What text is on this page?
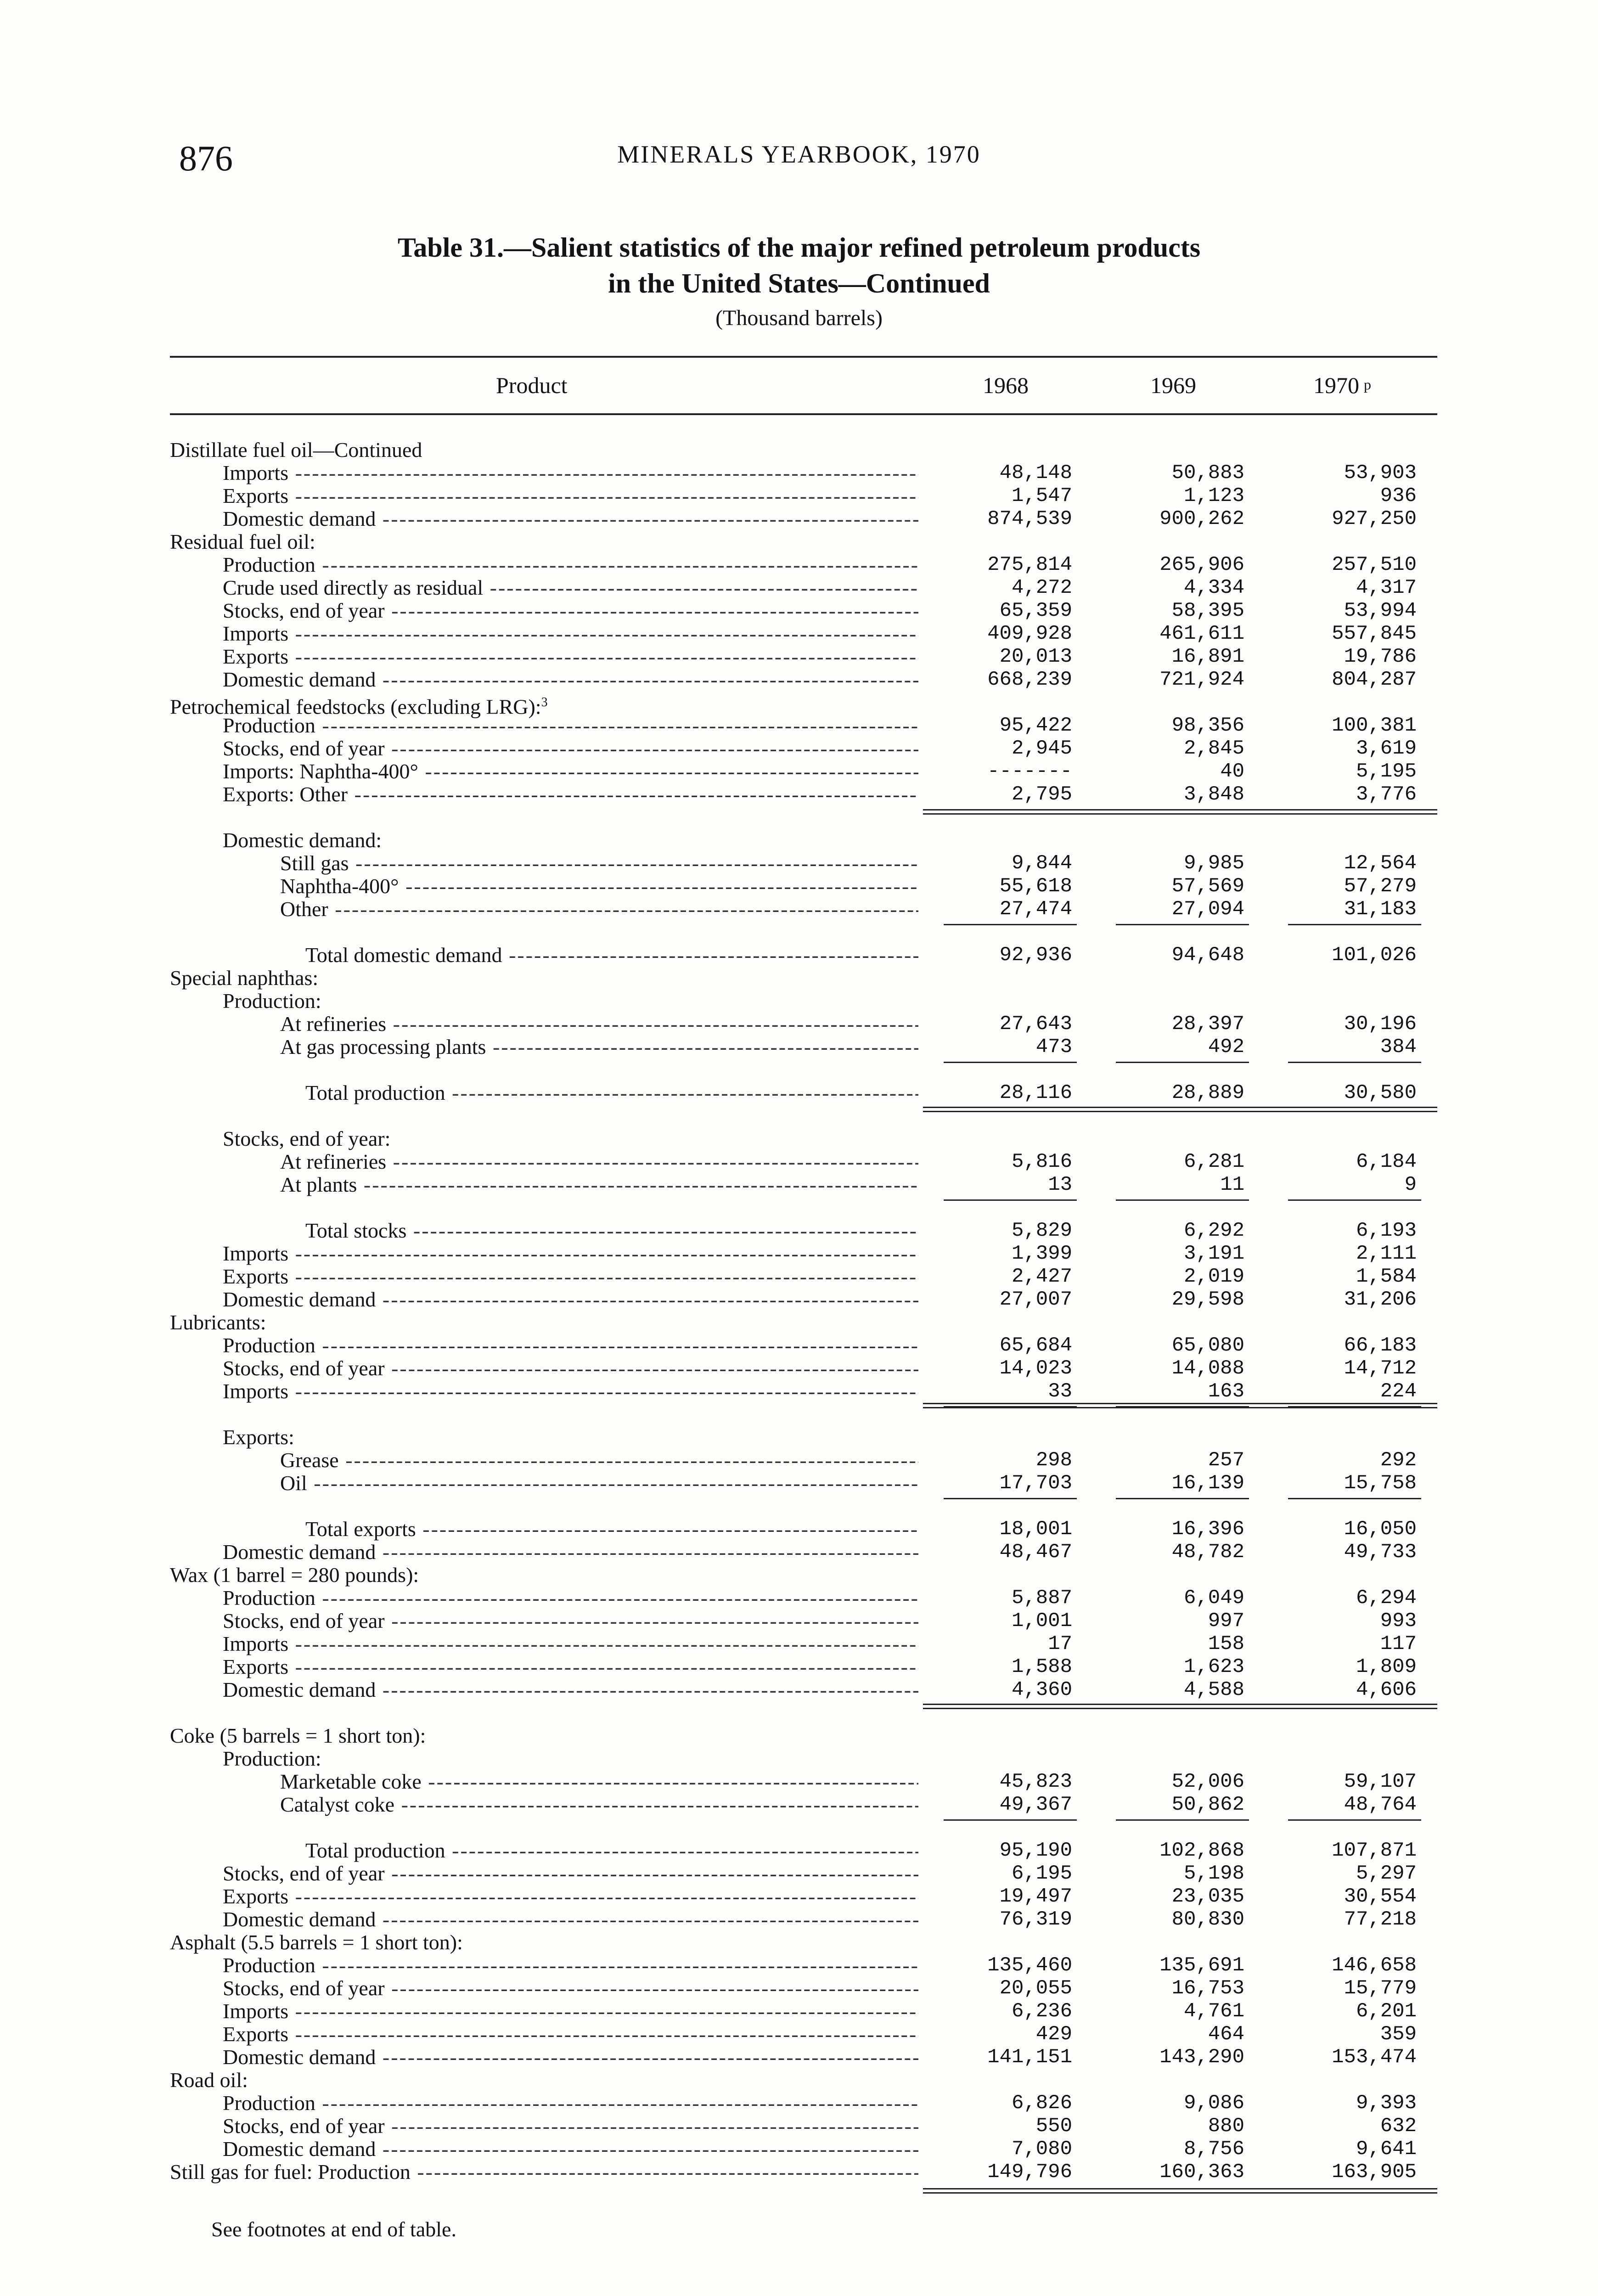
876	MINERALS YEARBOOK, 1970
Table 31.—Salient statistics of the major refined petroleum products
in the United States—Continued
(Thousand barrels)
Product	1968	1969	1970 p
Distillate fuel oil—Continued
Imports -----	48,148	50,883	53,903
Exports -----	1,547	1,123	936
Domestic demand -----	874,539	900,262	927,250
Residual fuel oil:
Production -----	275,814	265,906	257,510
Crude used directly as residual -----	4,272	4,334	4,317
Stocks, end of year -----	65,359	58,395	53,994
Imports -----	409,928	461,611	557,845
Exports -----	20,013	16,891	19,786
Domestic demand -----	668,239	721,924	804,287
Petrochemical feedstocks (excluding LRG):$^3$
Production -----	95,422	98,356	100,381
Stocks, end of year -----	2,945	2,845	3,619
Imports: Naphtha-400° -----	-------	40	5,195
Exports: Other -----	2,795	3,848	3,776
Domestic demand:
Still gas -----	9,844	9,985	12,564
Naphtha-400° -----	55,618	57,569	57,279
Other -----	27,474	27,094	31,183
Total domestic demand -----	92,936	94,648	101,026
Special naphthas:
Production:
At refineries -----	27,643	28,397	30,196
At gas processing plants -----	473	492	384
Total production -----	28,116	28,889	30,580
Stocks, end of year:
At refineries -----	5,816	6,281	6,184
At plants -----	13	11	9
Total stocks -----	5,829	6,292	6,193
Imports -----	1,399	3,191	2,111
Exports -----	2,427	2,019	1,584
Domestic demand -----	27,007	29,598	31,206
Lubricants:
Production -----	65,684	65,080	66,183
Stocks, end of year -----	14,023	14,088	14,712
Imports -----	33	163	224
Exports:
Grease -----	298	257	292
Oil -----	17,703	16,139	15,758
Total exports -----	18,001	16,396	16,050
Domestic demand -----	48,467	48,782	49,733
Wax (1 barrel = 280 pounds):
Production -----	5,887	6,049	6,294
Stocks, end of year -----	1,001	997	993
Imports -----	17	158	117
Exports -----	1,588	1,623	1,809
Domestic demand -----	4,360	4,588	4,606
Coke (5 barrels = 1 short ton):
Production:
Marketable coke -----	45,823	52,006	59,107
Catalyst coke -----	49,367	50,862	48,764
Total production -----	95,190	102,868	107,871
Stocks, end of year -----	6,195	5,198	5,297
Exports -----	19,497	23,035	30,554
Domestic demand -----	76,319	80,830	77,218
Asphalt (5.5 barrels = 1 short ton):
Production -----	135,460	135,691	146,658
Stocks, end of year -----	20,055	16,753	15,779
Imports -----	6,236	4,761	6,201
Exports -----	429	464	359
Domestic demand -----	141,151	143,290	153,474
Road oil:
Production -----	6,826	9,086	9,393
Stocks, end of year -----	550	880	632
Domestic demand -----	7,080	8,756	9,641
Still gas for fuel: Production -----	149,796	160,363	163,905
See footnotes at end of table.
